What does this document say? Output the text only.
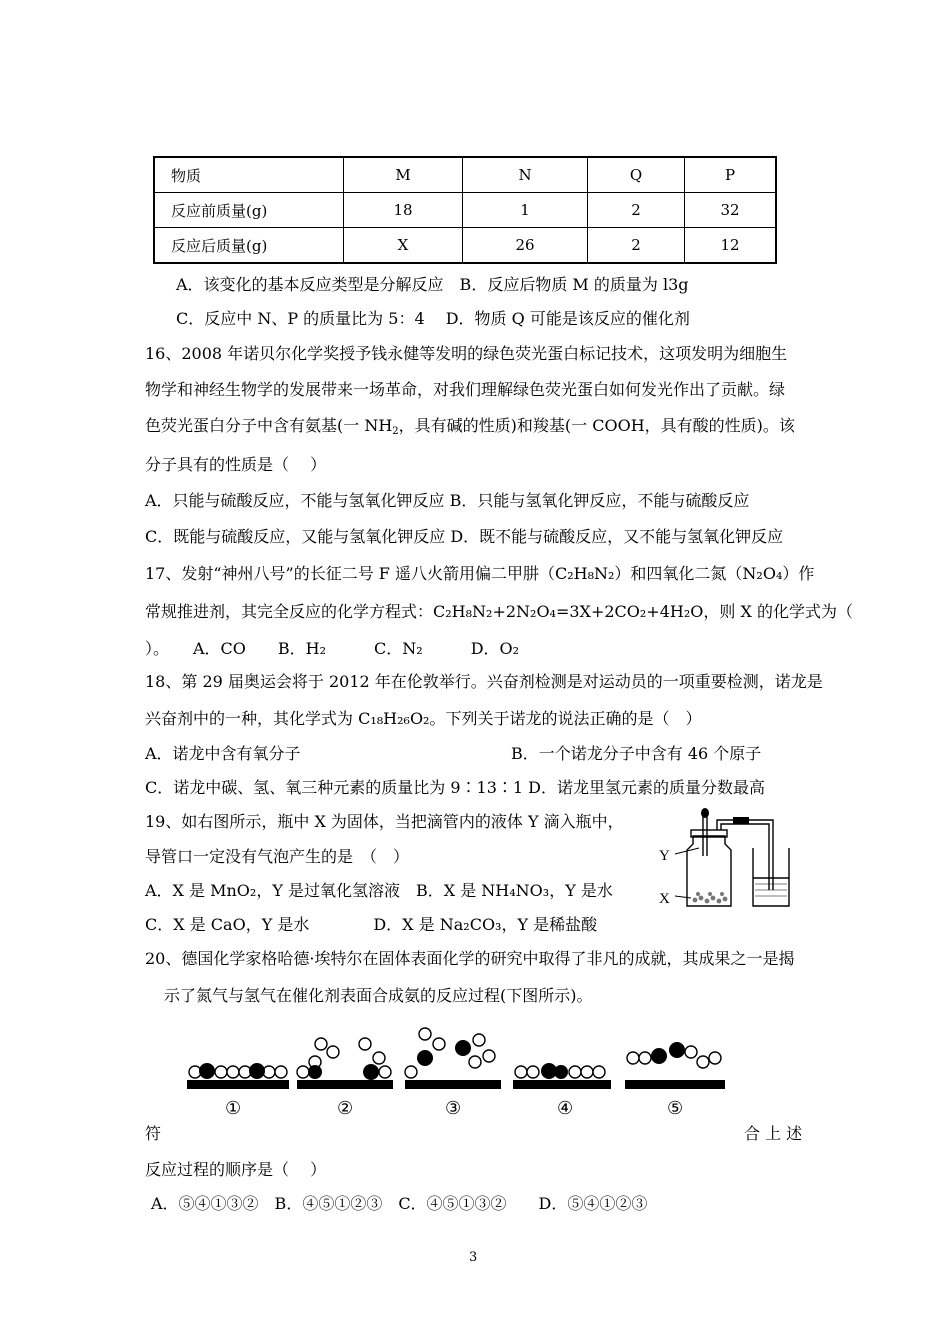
物质	M	N	Q	P
反应前质量(g)	18	1	2	32
反应后质量(g)	X	26	2	12
A．该变化的基本反应类型是分解反应　B．反应后物质 M 的质量为 l3g
C．反应中 N、P 的质量比为 5：4　 D．物质 Q 可能是该反应的催化剂
16、2008 年诺贝尔化学奖授予钱永健等发明的绿色荧光蛋白标记技术，这项发明为细胞生
物学和神经生物学的发展带来一场革命，对我们理解绿色荧光蛋白如何发光作出了贡献。绿
色荧光蛋白分子中含有氨基(一 $NH_2$，具有碱的性质)和羧基(一 COOH，具有酸的性质)。该
分子具有的性质是（　 ）
A．只能与硫酸反应，不能与氢氧化钾反应 B．只能与氢氧化钾反应，不能与硫酸反应
C．既能与硫酸反应，又能与氢氧化钾反应 D．既不能与硫酸反应，又不能与氢氧化钾反应
17、发射“神州八号”的长征二号 F 遥八火箭用偏二甲肼（C₂H₈N₂）和四氧化二氮（N₂O₄）作
常规推进剂，其完全反应的化学方程式：C₂H₈N₂+2N₂O₄=3X+2CO₂+4H₂O，则 X 的化学式为（
）。　　A．CO　　B．H₂　　　C．N₂　　　D．O₂
18、第 29 届奥运会将于 2012 年在伦敦举行。兴奋剂检测是对运动员的一项重要检测，诺龙是
兴奋剂中的一种，其化学式为 C₁₈H₂₆O₂。下列关于诺龙的说法正确的是（　）
A．诺龙中含有氧分子	B．一个诺龙分子中含有 46 个原子
C．诺龙中碳、氢、氧三种元素的质量比为 9∶13∶1 D．诺龙里氢元素的质量分数最高
19、如右图所示，瓶中 X 为固体，当把滴管内的液体 Y 滴入瓶中，
导管口一定没有气泡产生的是　（　）
A．X 是 MnO₂，Y 是过氧化氢溶液　B．X 是 NH₄NO₃，Y 是水
C．X 是 CaO，Y 是水　　　　D．X 是 Na₂CO₃，Y 是稀盐酸
Y
X
20、德国化学家格哈德·埃特尔在固体表面化学的研究中取得了非凡的成就，其成果之一是揭
示了氮气与氢气在催化剂表面合成氨的反应过程(下图所示)。
①	②	③	④	⑤
符	合 上 述
反应过程的顺序是（　 ）
A．⑤④①③②　B．④⑤①②③　C．④⑤①③②　　D．⑤④①②③
3
